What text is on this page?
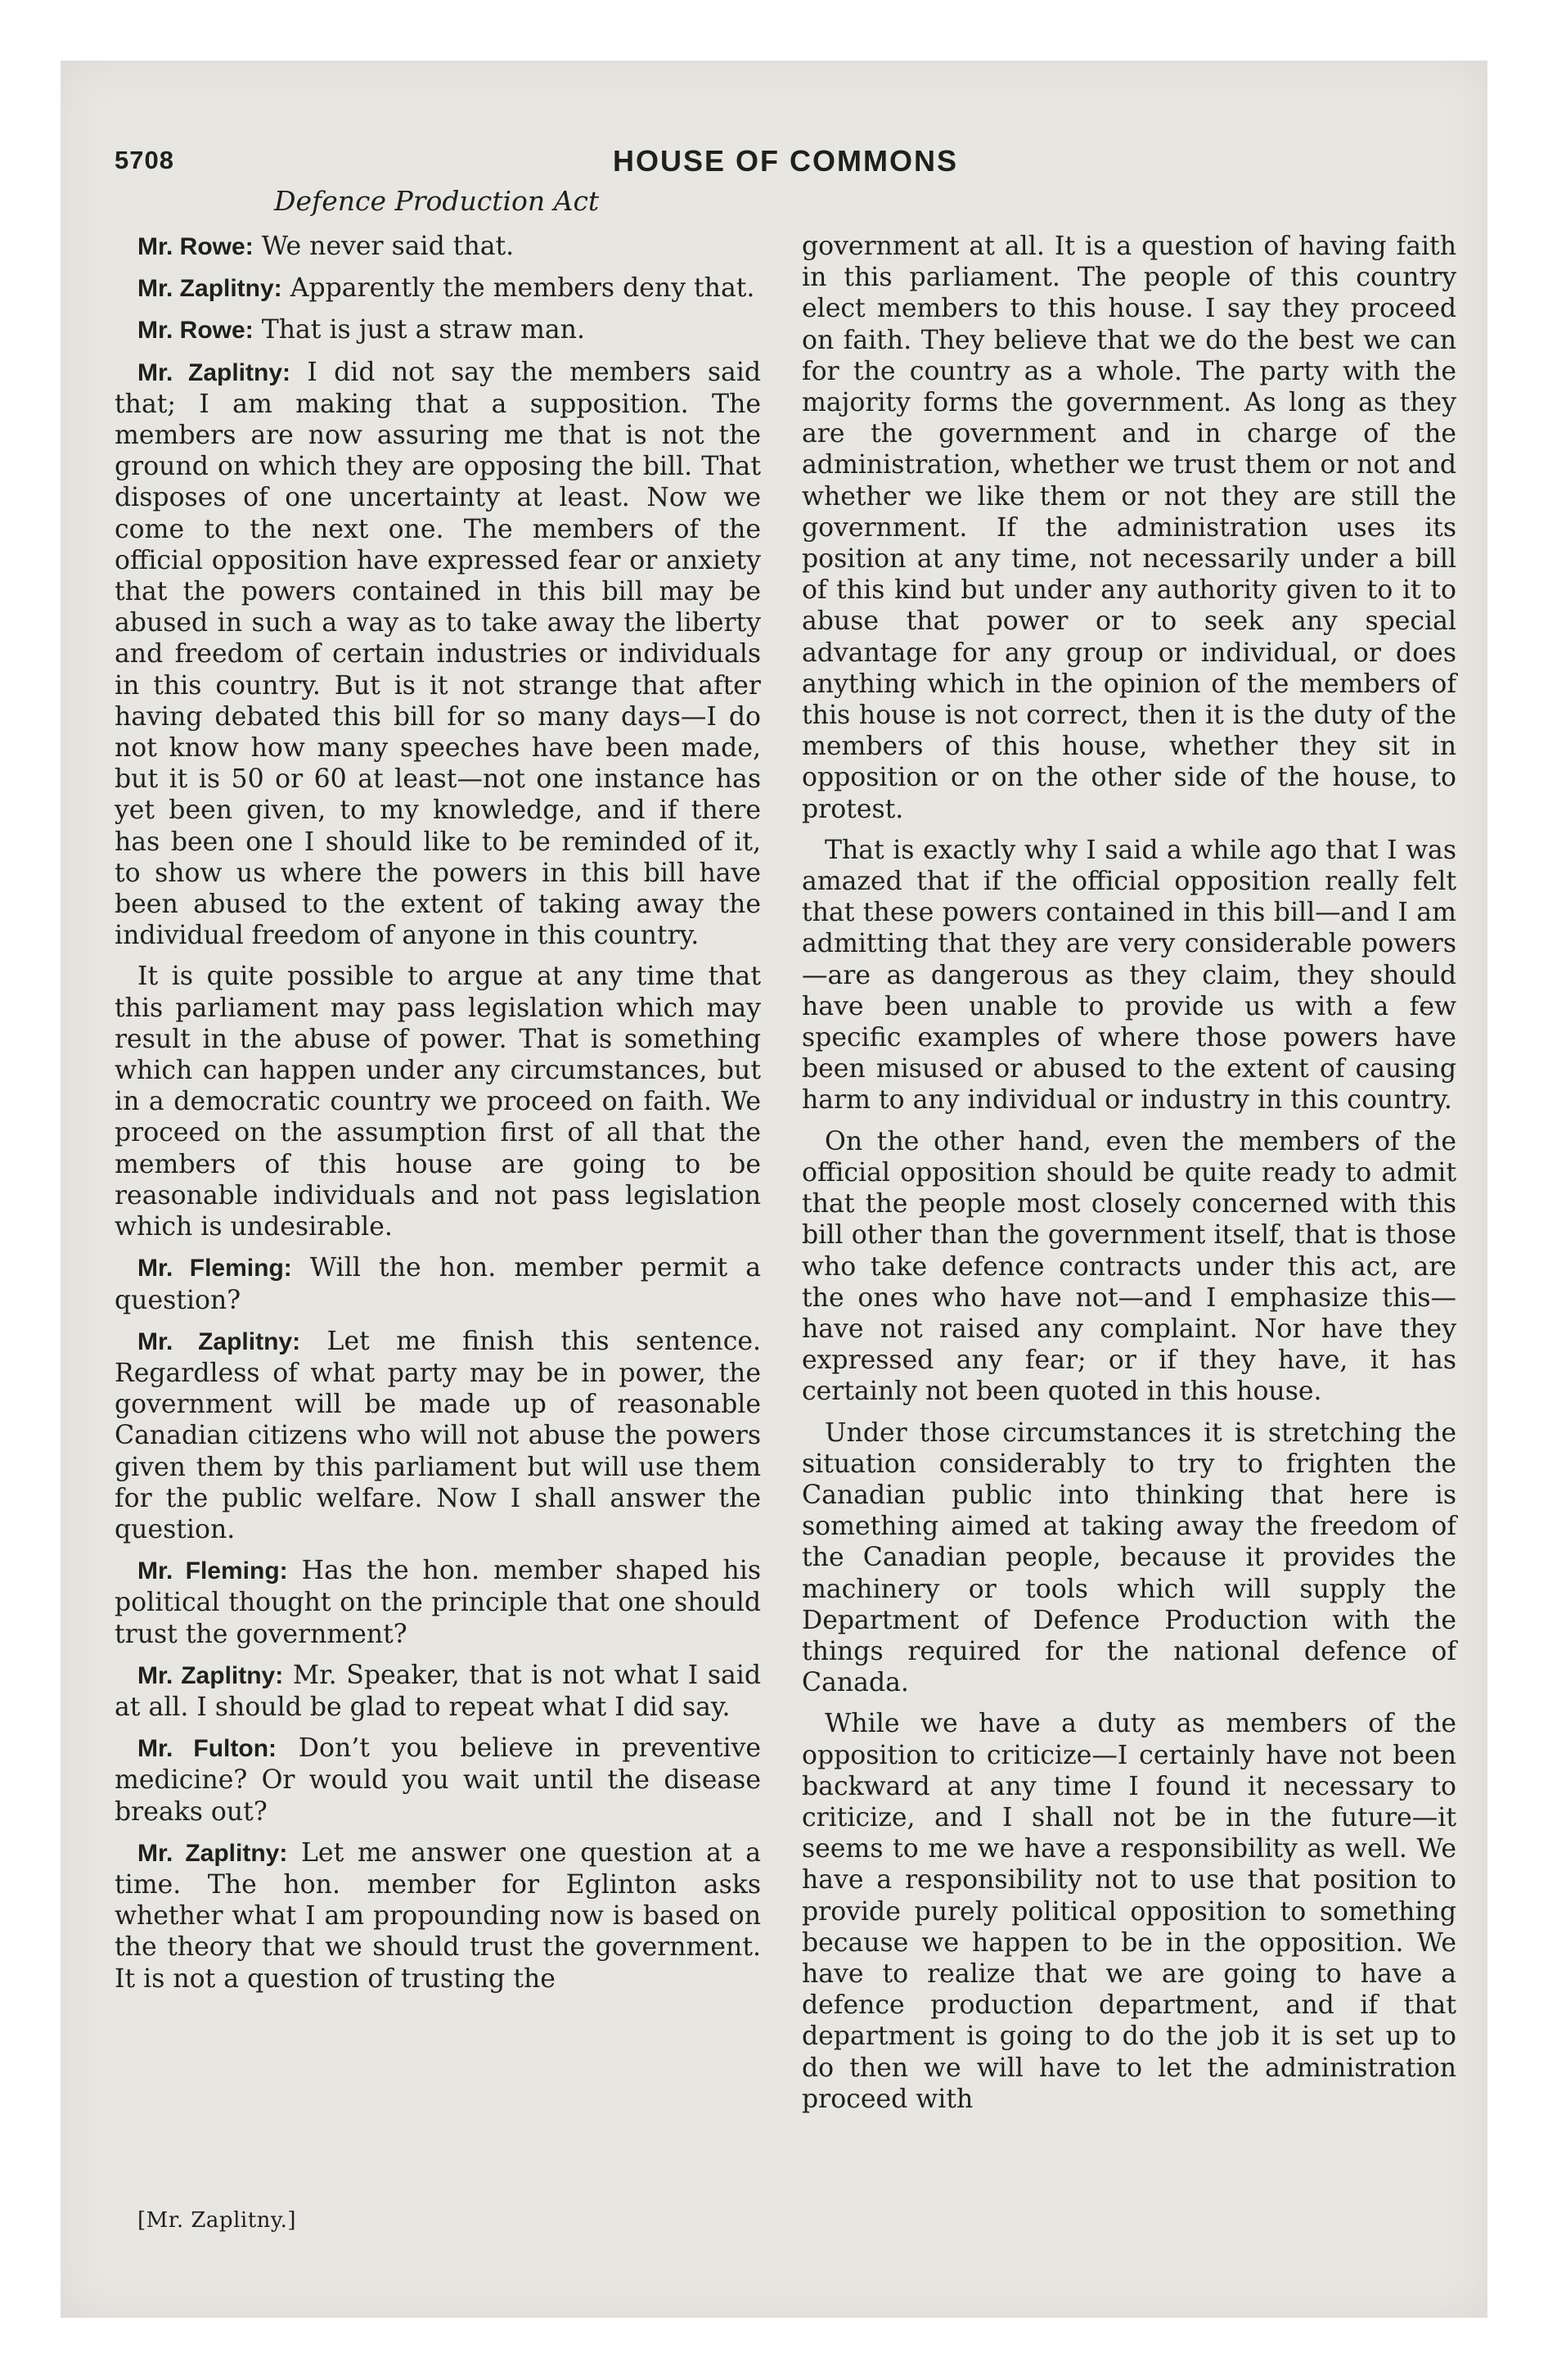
5708	HOUSE OF COMMONS
Defence Production Act

Mr. Rowe: We never said that.

Mr. Zaplitny: Apparently the members deny that.

Mr. Rowe: That is just a straw man.

Mr. Zaplitny: I did not say the members said that; I am making that a supposition. The members are now assuring me that is not the ground on which they are opposing the bill. That disposes of one uncertainty at least. Now we come to the next one. The members of the official opposition have expressed fear or anxiety that the powers contained in this bill may be abused in such a way as to take away the liberty and freedom of certain industries or individuals in this country. But is it not strange that after having debated this bill for so many days—I do not know how many speeches have been made, but it is 50 or 60 at least—not one instance has yet been given, to my knowledge, and if there has been one I should like to be reminded of it, to show us where the powers in this bill have been abused to the extent of taking away the individual freedom of anyone in this country.

It is quite possible to argue at any time that this parliament may pass legislation which may result in the abuse of power. That is something which can happen under any circumstances, but in a democratic country we proceed on faith. We proceed on the assumption first of all that the members of this house are going to be reasonable individuals and not pass legislation which is undesirable.

Mr. Fleming: Will the hon. member permit a question?

Mr. Zaplitny: Let me finish this sentence. Regardless of what party may be in power, the government will be made up of reasonable Canadian citizens who will not abuse the powers given them by this parliament but will use them for the public welfare. Now I shall answer the question.

Mr. Fleming: Has the hon. member shaped his political thought on the principle that one should trust the government?

Mr. Zaplitny: Mr. Speaker, that is not what I said at all. I should be glad to repeat what I did say.

Mr. Fulton: Don’t you believe in preventive medicine? Or would you wait until the disease breaks out?

Mr. Zaplitny: Let me answer one question at a time. The hon. member for Eglinton asks whether what I am propounding now is based on the theory that we should trust the government. It is not a question of trusting the

government at all. It is a question of having faith in this parliament. The people of this country elect members to this house. I say they proceed on faith. They believe that we do the best we can for the country as a whole. The party with the majority forms the government. As long as they are the government and in charge of the administration, whether we trust them or not and whether we like them or not they are still the government. If the administration uses its position at any time, not necessarily under a bill of this kind but under any authority given to it to abuse that power or to seek any special advantage for any group or individual, or does anything which in the opinion of the members of this house is not correct, then it is the duty of the members of this house, whether they sit in opposition or on the other side of the house, to protest.

That is exactly why I said a while ago that I was amazed that if the official opposition really felt that these powers contained in this bill—and I am admitting that they are very considerable powers—are as dangerous as they claim, they should have been unable to provide us with a few specific examples of where those powers have been misused or abused to the extent of causing harm to any individual or industry in this country.

On the other hand, even the members of the official opposition should be quite ready to admit that the people most closely concerned with this bill other than the government itself, that is those who take defence contracts under this act, are the ones who have not—and I emphasize this—have not raised any complaint. Nor have they expressed any fear; or if they have, it has certainly not been quoted in this house.

Under those circumstances it is stretching the situation considerably to try to frighten the Canadian public into thinking that here is something aimed at taking away the freedom of the Canadian people, because it provides the machinery or tools which will supply the Department of Defence Production with the things required for the national defence of Canada.

While we have a duty as members of the opposition to criticize—I certainly have not been backward at any time I found it necessary to criticize, and I shall not be in the future—it seems to me we have a responsibility as well. We have a responsibility not to use that position to provide purely political opposition to something because we happen to be in the opposition. We have to realize that we are going to have a defence production department, and if that department is going to do the job it is set up to do then we will have to let the administration proceed with

[Mr. Zaplitny.]
